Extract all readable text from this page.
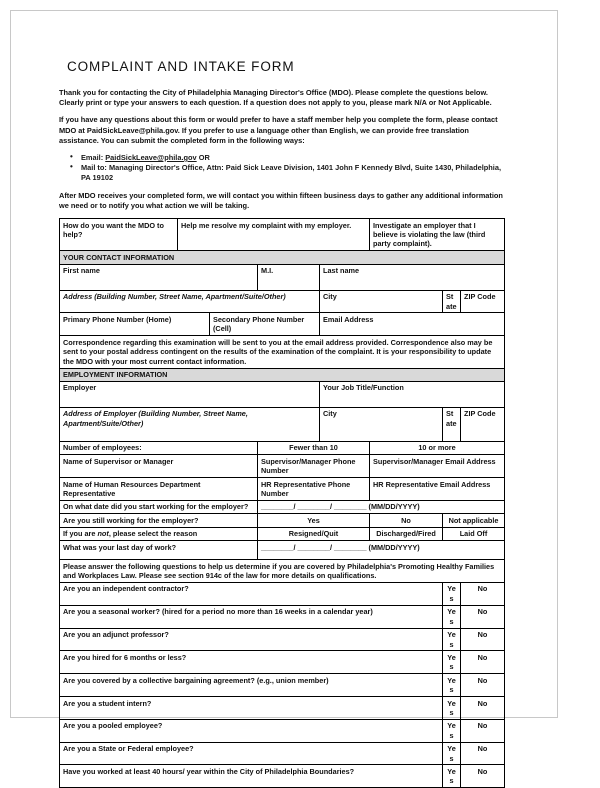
COMPLAINT AND INTAKE FORM

Thank you for contacting the City of Philadelphia Managing Director's Office (MDO). Please complete the questions below. Clearly print or type your answers to each question. If a question does not apply to you, please mark N/A or Not Applicable.

If you have any questions about this form or would prefer to have a staff member help you complete the form, please contact MDO at PaidSickLeave@phila.gov. If you prefer to use a language other than English, we can provide free translation assistance. You can submit the completed form in the following ways:

• Email: PaidSickLeave@phila.gov OR
• Mail to: Managing Director's Office, Attn: Paid Sick Leave Division, 1401 John F Kennedy Blvd, Suite 1430, Philadelphia, PA 19102

After MDO receives your completed form, we will contact you within fifteen business days to gather any additional information we need or to notify you what action we will be taking.

How do you want the MDO to help?	Help me resolve my complaint with my employer.				Investigate an employer that I believe is violating the law (third party complaint).		
YOUR CONTACT INFORMATION							
First name			M.I.	Last name			
Address (Building Number, Street Name, Apartment/Suite/Other)				City		State	ZIP Code
Primary Phone Number (Home)		Secondary Phone Number (Cell)		Email Address			
Correspondence regarding this examination will be sent to you at the email address provided. Correspondence also may be sent to your postal address contingent on the results of the examination of the complaint. It is your responsibility to update the MDO with your most current contact information.							
EMPLOYMENT INFORMATION							
Employer				Your Job Title/Function			
Address of Employer (Building Number, Street Name, Apartment/Suite/Other)				City		State	ZIP Code
Number of employees:			Fewer than 10		10 or more		
Name of Supervisor or Manager			Supervisor/Manager Phone Number		Supervisor/Manager Email Address		
Name of Human Resources Department Representative			HR Representative Phone Number		HR Representative Email Address		
On what date did you start working for the employer?			________/ ________/ ________ (MM/DD/YYYY)				
Are you still working for the employer?			Yes		No	Not applicable	
If you are not, please select the reason			Resigned/Quit		Discharged/Fired	Laid Off	
What was your last day of work?			________/ ________/ ________ (MM/DD/YYYY)				
Please answer the following questions to help us determine if you are covered by Philadelphia's Promoting Healthy Families and Workplaces Law. Please see section 914c of the law for more details on qualifications.							
Are you an independent contractor?						Yes	No
Are you a seasonal worker? (hired for a period no more than 16 weeks in a calendar year)						Yes	No
Are you an adjunct professor?						Yes	No
Are you hired for 6 months or less?						Yes	No
Are you covered by a collective bargaining agreement? (e.g., union member)						Yes	No
Are you a student intern?						Yes	No
Are you a pooled employee?						Yes	No
Are you a State or Federal employee?						Yes	No
Have you worked at least 40 hours/ year within the City of Philadelphia Boundaries?						Yes	No
